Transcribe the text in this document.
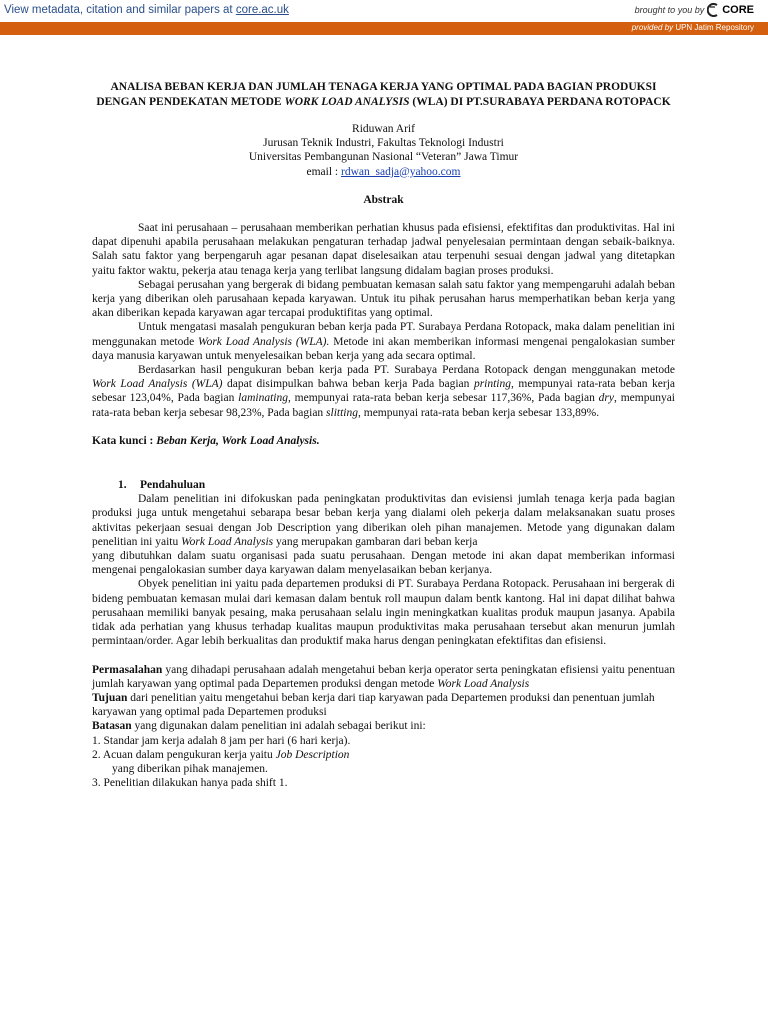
View metadata, citation and similar papers at core.ac.uk	brought to you by CORE
provided by UPN Jatim Repository
ANALISA BEBAN KERJA DAN JUMLAH TENAGA KERJA YANG OPTIMAL PADA BAGIAN PRODUKSI DENGAN PENDEKATAN METODE WORK LOAD ANALYSIS (WLA) DI PT.SURABAYA PERDANA ROTOPACK
Riduwan Arif
Jurusan Teknik Industri, Fakultas Teknologi Industri
Universitas Pembangunan Nasional “Veteran” Jawa Timur
email : rdwan_sadja@yahoo.com
Abstrak

Saat ini perusahaan – perusahaan memberikan perhatian khusus pada efisiensi, efektifitas dan produktivitas. Hal ini dapat dipenuhi apabila perusahaan melakukan pengaturan terhadap jadwal penyelesaian permintaan dengan sebaik-baiknya. Salah satu faktor yang berpengaruh agar pesanan dapat diselesaikan atau terpenuhi sesuai dengan jadwal yang ditetapkan yaitu faktor waktu, pekerja atau tenaga kerja yang terlibat langsung didalam bagian proses produksi.

Sebagai perusahan yang bergerak di bidang pembuatan kemasan salah satu faktor yang mempengaruhi adalah beban kerja yang diberikan oleh parusahaan kepada karyawan. Untuk itu pihak perusahan harus memperhatikan beban kerja yang akan diberikan kepada karyawan agar tercapai produktifitas yang optimal.

Untuk mengatasi masalah pengukuran beban kerja pada PT. Surabaya Perdana Rotopack, maka dalam penelitian ini menggunakan metode Work Load Analysis (WLA). Metode ini akan memberikan informasi mengenai pengalokasian sumber daya manusia karyawan untuk menyelesaikan beban kerja yang ada secara optimal.

Berdasarkan hasil pengukuran beban kerja pada PT. Surabaya Perdana Rotopack dengan menggunakan metode Work Load Analysis (WLA) dapat disimpulkan bahwa beban kerja Pada bagian printing, mempunyai rata-rata beban kerja sebesar 123,04%, Pada bagian laminating, mempunyai rata-rata beban kerja sebesar 117,36%, Pada bagian dry, mempunyai rata-rata beban kerja sebesar 98,23%, Pada bagian slitting, mempunyai rata-rata beban kerja sebesar 133,89%.

Kata kunci : Beban Kerja, Work Load Analysis.
1. Pendahuluan

Dalam penelitian ini difokuskan pada peningkatan produktivitas dan evisiensi jumlah tenaga kerja pada bagian produksi juga untuk mengetahui sebarapa besar beban kerja yang dialami oleh pekerja dalam melaksanakan suatu proses aktivitas pekerjaan sesuai dengan Job Description yang diberikan oleh pihan manajemen. Metode yang digunakan dalam penelitian ini yaitu Work Load Analysis yang merupakan gambaran dari beban kerja

yang dibutuhkan dalam suatu organisasi pada suatu perusahaan. Dengan metode ini akan dapat memberikan informasi mengenai pengalokasian sumber daya karyawan dalam menyelasaikan beban kerjanya.

Obyek penelitian ini yaitu pada departemen produksi di PT. Surabaya Perdana Rotopack. Perusahaan ini bergerak di bideng pembuatan kemasan mulai dari kemasan dalam bentuk roll maupun dalam bentk kantong. Hal ini dapat dilihat bahwa perusahaan memiliki banyak pesaing, maka perusahaan selalu ingin meningkatkan kualitas produk maupun jasanya. Apabila tidak ada perhatian yang khusus terhadap kualitas maupun produktivitas maka perusahaan tersebut akan menurun jumlah permintaan/order. Agar lebih berkualitas dan produktif maka harus dengan peningkatan efektifitas dan efisiensi.

Permasalahan yang dihadapi perusahaan adalah mengetahui beban kerja operator serta peningkatan efisiensi yaitu penentuan jumlah karyawan yang optimal pada Departemen produksi dengan metode Work Load Analysis

Tujuan dari penelitian yaitu mengetahui beban kerja dari tiap karyawan pada Departemen produksi dan penentuan jumlah karyawan yang optimal pada Departemen produksi

Batasan yang digunakan dalam penelitian ini adalah sebagai berikut ini:

1. Standar jam kerja adalah 8 jam per hari (6 hari kerja).

2. Acuan dalam pengukuran kerja yaitu Job Description

yang diberikan pihak manajemen.

3. Penelitian dilakukan hanya pada shift 1.
